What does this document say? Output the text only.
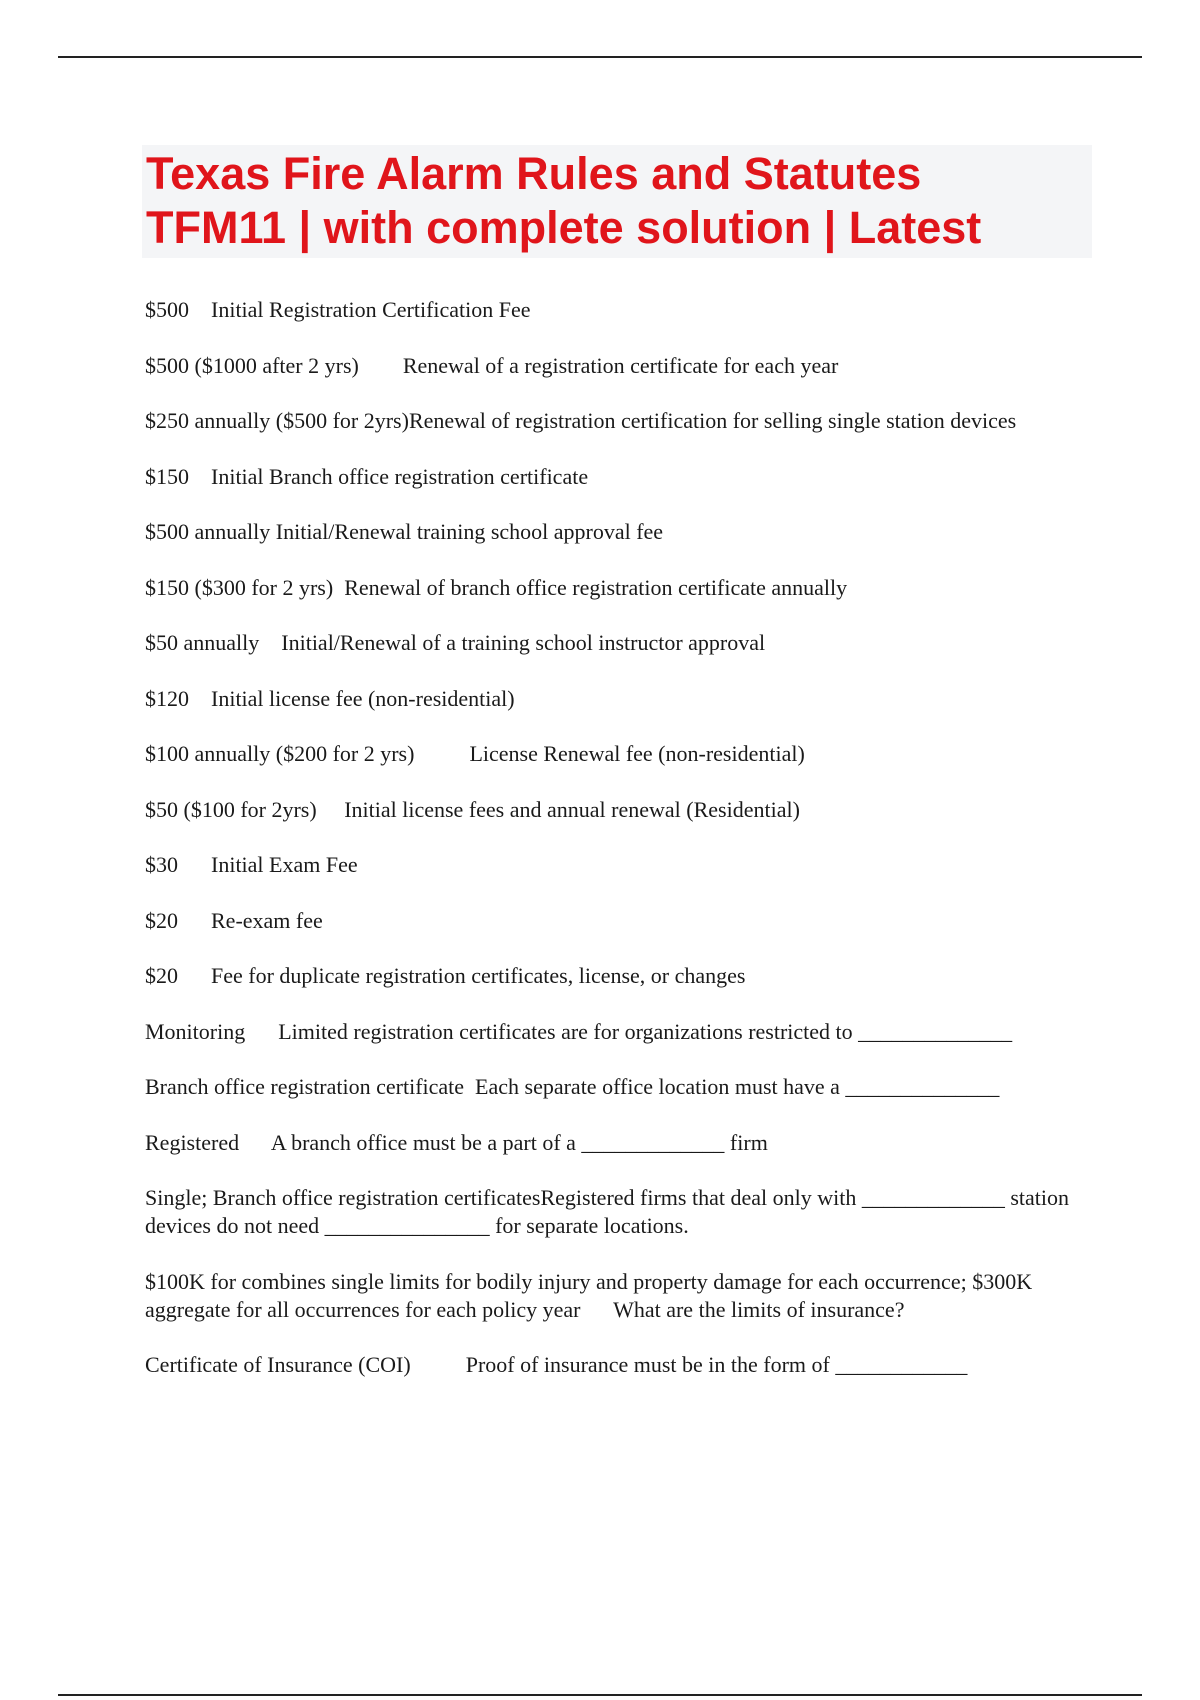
Texas Fire Alarm Rules and Statutes
TFM11 | with complete solution | Latest
$500 Initial Registration Certification Fee
$500 ($1000 after 2 yrs) Renewal of a registration certificate for each year
$250 annually ($500 for 2yrs)Renewal of registration certification for selling single station devices
$150 Initial Branch office registration certificate
$500 annually Initial/Renewal training school approval fee
$150 ($300 for 2 yrs) Renewal of branch office registration certificate annually
$50 annually Initial/Renewal of a training school instructor approval
$120 Initial license fee (non-residential)
$100 annually ($200 for 2 yrs)	License Renewal fee (non-residential)
$50 ($100 for 2yrs) Initial license fees and annual renewal (Residential)
$30 Initial Exam Fee
$20 Re-exam fee
$20 Fee for duplicate registration certificates, license, or changes
Monitoring Limited registration certificates are for organizations restricted to ______________
Branch office registration certificate Each separate office location must have a ______________
Registered A branch office must be a part of a _____________ firm
Single; Branch office registration certificatesRegistered firms that deal only with _____________ station devices do not need _______________ for separate locations.
$100K for combines single limits for bodily injury and property damage for each occurrence; $300K aggregate for all occurrences for each policy year What are the limits of insurance?
Certificate of Insurance (COI)	Proof of insurance must be in the form of ____________
